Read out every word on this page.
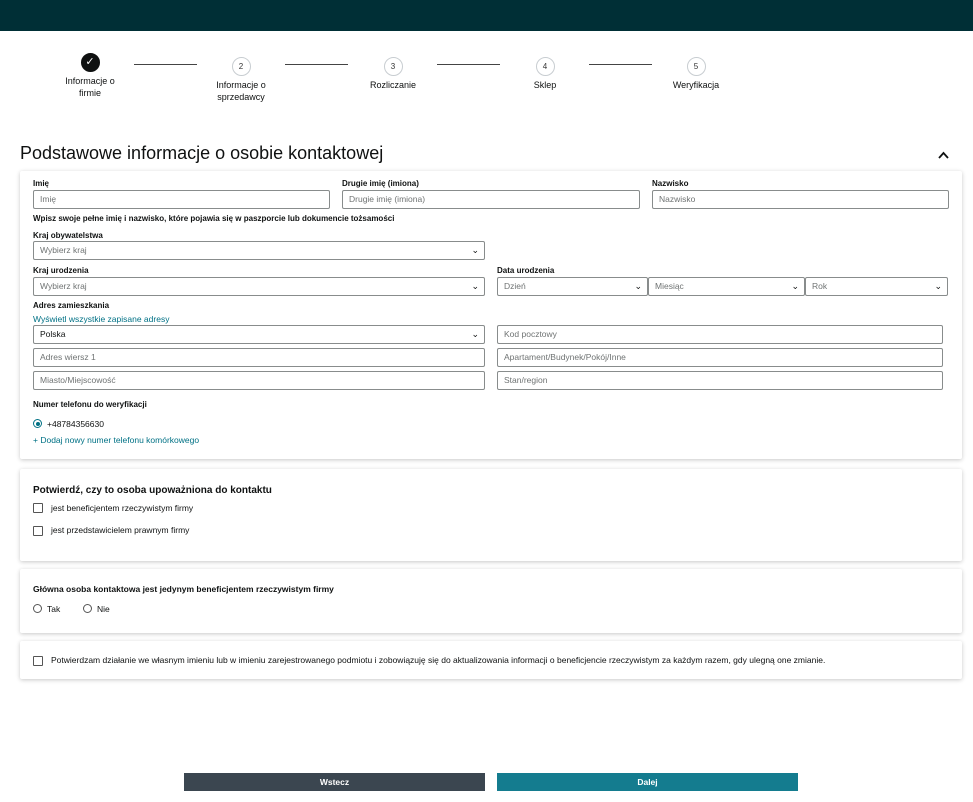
✓
Informacje o firmie
2
Informacje o sprzedawcy
3
Rozliczanie
4
Sklep
5
Weryfikacja
Podstawowe informacje o osobie kontaktowej
Imię
Imię
Drugie imię (imiona)
Drugie imię (imiona)
Nazwisko
Nazwisko
Wpisz swoje pełne imię i nazwisko, które pojawia się w paszporcie lub dokumencie tożsamości
Kraj obywatelstwa
Wybierz kraj	⌄
Kraj urodzenia
Wybierz kraj	⌄
Data urodzenia
Dzień	⌄	Miesiąc	⌄	Rok	⌄
Adres zamieszkania
Wyświetl wszystkie zapisane adresy
Polska	⌄	Kod pocztowy
Adres wiersz 1	Apartament/Budynek/Pokój/Inne
Miasto/Miejscowość	Stan/region
Numer telefonu do weryfikacji
+48784356630
+ Dodaj nowy numer telefonu komórkowego
Potwierdź, czy to osoba upoważniona do kontaktu
jest beneficjentem rzeczywistym firmy
jest przedstawicielem prawnym firmy
Główna osoba kontaktowa jest jedynym beneficjentem rzeczywistym firmy
Tak	Nie
Potwierdzam działanie we własnym imieniu lub w imieniu zarejestrowanego podmiotu i zobowiązuję się do aktualizowania informacji o beneficjencie rzeczywistym za każdym razem, gdy ulegną one zmianie.
Wstecz	Dalej
